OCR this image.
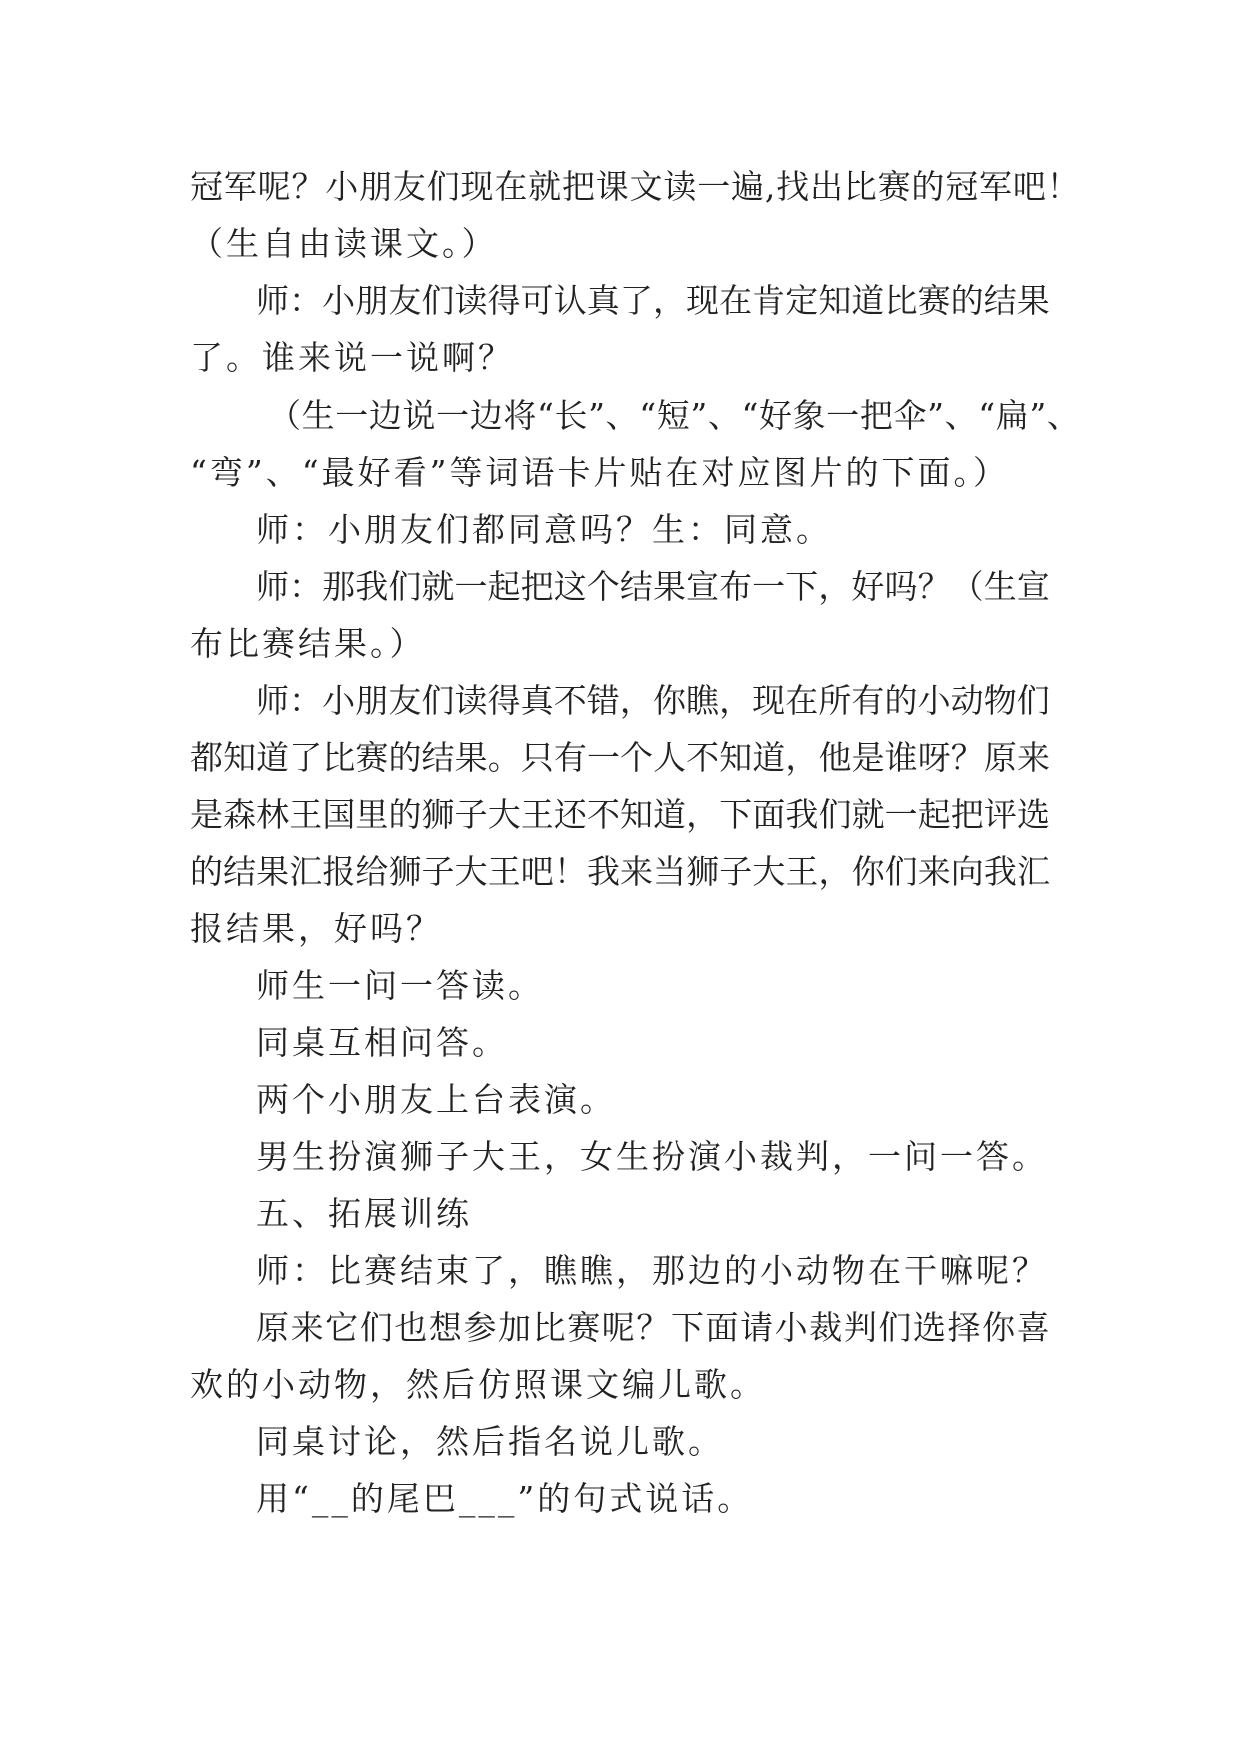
冠 军 呢 ？ 小 朋 友 们 现 在 就 把 课 文 读 一 遍 , 找 出 比 赛 的 冠 军 吧 ！
（生自由读课文。）
师 ： 小 朋 友 们 读 得 可 认 真 了 ， 现 在 肯 定 知 道 比 赛 的 结 果
了。谁来说一说啊？
（ 生 一 边 说 一 边 将 “ 长 ” 、 “ 短 ” 、 “ 好 象 一 把 伞 ” 、 “ 扁 ” 、
“弯”、“最好看”等词语卡片贴在对应图片的下面。）
师：小朋友们都同意吗？生：同意。
师 ： 那 我 们 就 一 起 把 这 个 结 果 宣 布 一 下 ， 好 吗 ？ （ 生 宣
布比赛结果。）
师 ： 小 朋 友 们 读 得 真 不 错 ， 你 瞧 ， 现 在 所 有 的 小 动 物 们
都 知 道 了 比 赛 的 结 果 。 只 有 一 个 人 不 知 道 ， 他 是 谁 呀 ？ 原 来
是 森 林 王 国 里 的 狮 子 大 王 还 不 知 道 ， 下 面 我 们 就 一 起 把 评 选
的 结 果 汇 报 给 狮 子 大 王 吧 ！ 我 来 当 狮 子 大 王 ， 你 们 来 向 我 汇
报结果，好吗？
师生一问一答读。
同桌互相问答。
两个小朋友上台表演。
男生扮演狮子大王，女生扮演小裁判，一问一答。
五、拓展训练
师：比赛结束了，瞧瞧，那边的小动物在干嘛呢？
原 来 它 们 也 想 参 加 比 赛 呢 ？ 下 面 请 小 裁 判 们 选 择 你 喜
欢的小动物，然后仿照课文编儿歌。
同桌讨论，然后指名说儿歌。
用“__的尾巴___”的句式说话。
